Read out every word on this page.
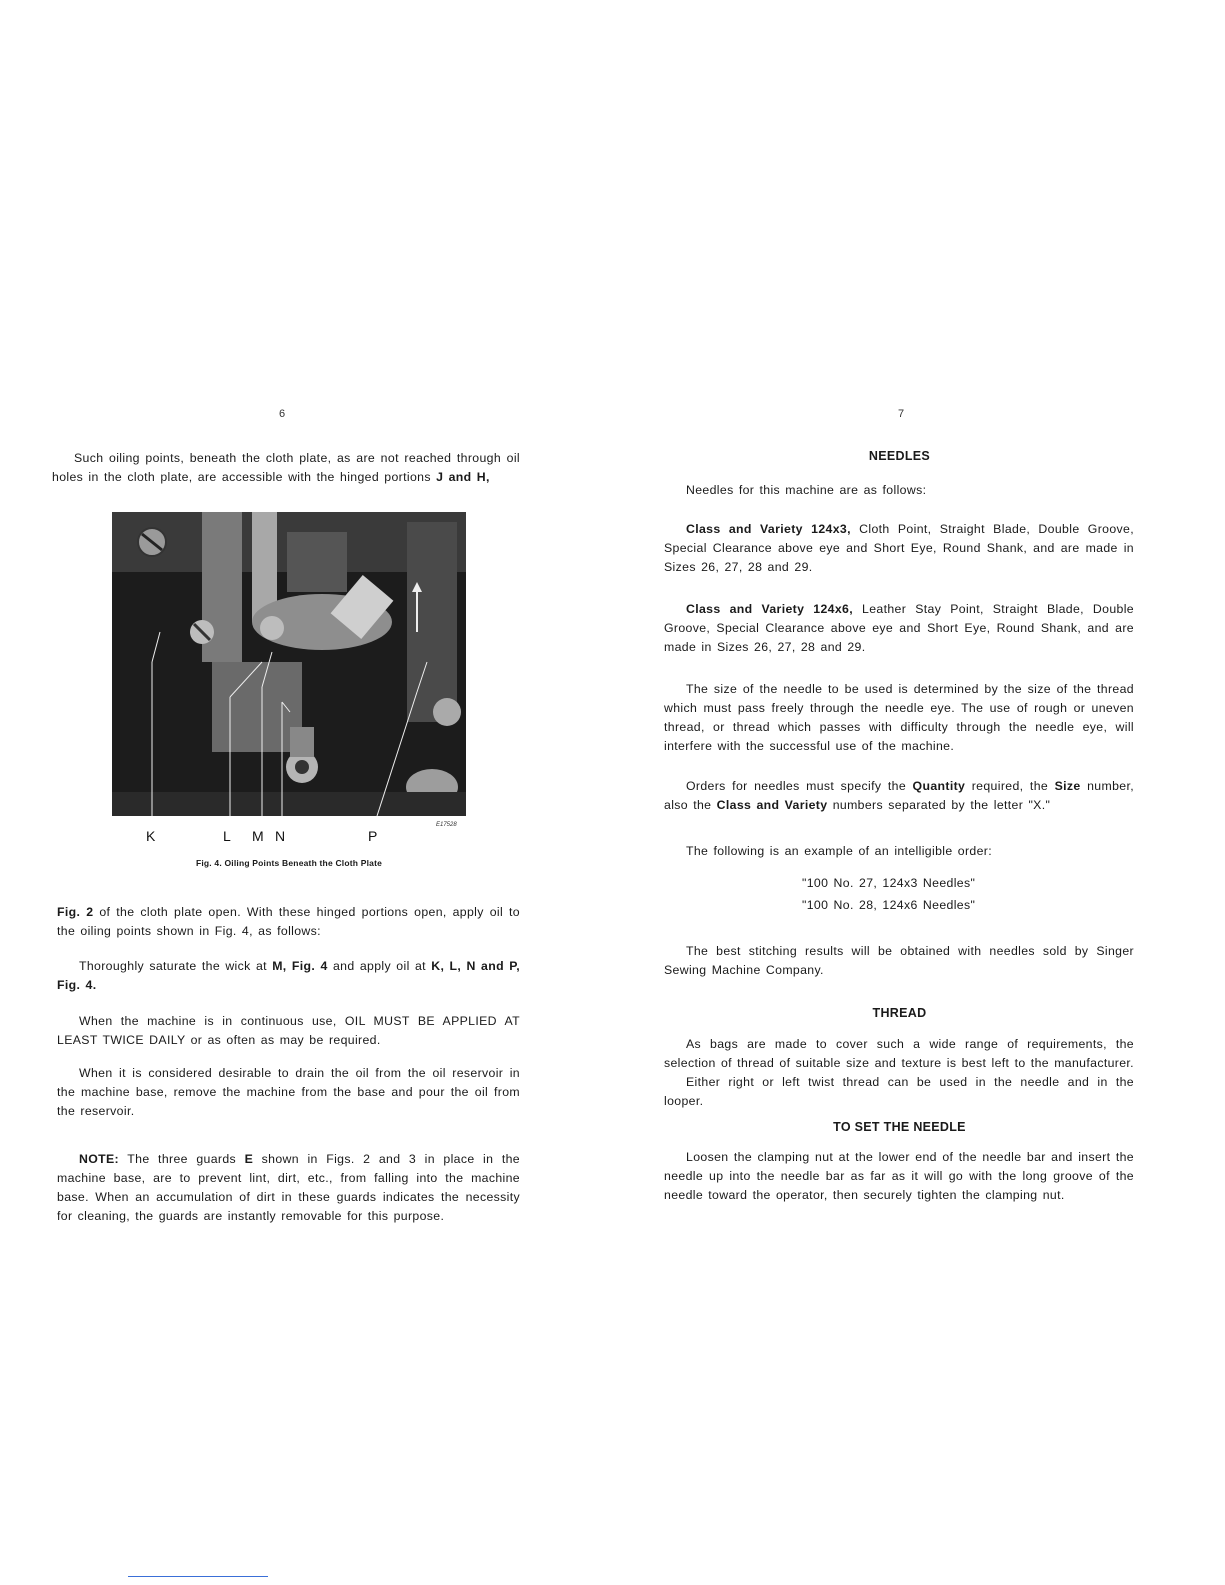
6

Such oiling points, beneath the cloth plate, as are not reached through oil holes in the cloth plate, are accessible with the hinged portions J and H,

K	L M N	P
E17528
Fig. 4. Oiling Points Beneath the Cloth Plate

Fig. 2 of the cloth plate open. With these hinged portions open, apply oil to the oiling points shown in Fig. 4, as follows:

Thoroughly saturate the wick at M, Fig. 4 and apply oil at K, L, N and P, Fig. 4.

When the machine is in continuous use, OIL MUST BE APPLIED AT LEAST TWICE DAILY or as often as may be required.

When it is considered desirable to drain the oil from the oil reservoir in the machine base, remove the machine from the base and pour the oil from the reservoir.

NOTE: The three guards E shown in Figs. 2 and 3 in place in the machine base, are to prevent lint, dirt, etc., from falling into the machine base. When an accumulation of dirt in these guards indicates the necessity for cleaning, the guards are instantly removable for this purpose.

7
NEEDLES

Needles for this machine are as follows:

Class and Variety 124x3, Cloth Point, Straight Blade, Double Groove, Special Clearance above eye and Short Eye, Round Shank, and are made in Sizes 26, 27, 28 and 29.

Class and Variety 124x6, Leather Stay Point, Straight Blade, Double Groove, Special Clearance above eye and Short Eye, Round Shank, and are made in Sizes 26, 27, 28 and 29.

The size of the needle to be used is determined by the size of the thread which must pass freely through the needle eye. The use of rough or uneven thread, or thread which passes with difficulty through the needle eye, will interfere with the successful use of the machine.

Orders for needles must specify the Quantity required, the Size number, also the Class and Variety numbers separated by the letter "X."

The following is an example of an intelligible order:

"100 No. 27, 124x3 Needles"

"100 No. 28, 124x6 Needles"

The best stitching results will be obtained with needles sold by Singer Sewing Machine Company.

THREAD

As bags are made to cover such a wide range of requirements, the selection of thread of suitable size and texture is best left to the manufacturer.

Either right or left twist thread can be used in the needle and in the looper.

TO SET THE NEEDLE

Loosen the clamping nut at the lower end of the needle bar and insert the needle up into the needle bar as far as it will go with the long groove of the needle toward the operator, then securely tighten the clamping nut.
